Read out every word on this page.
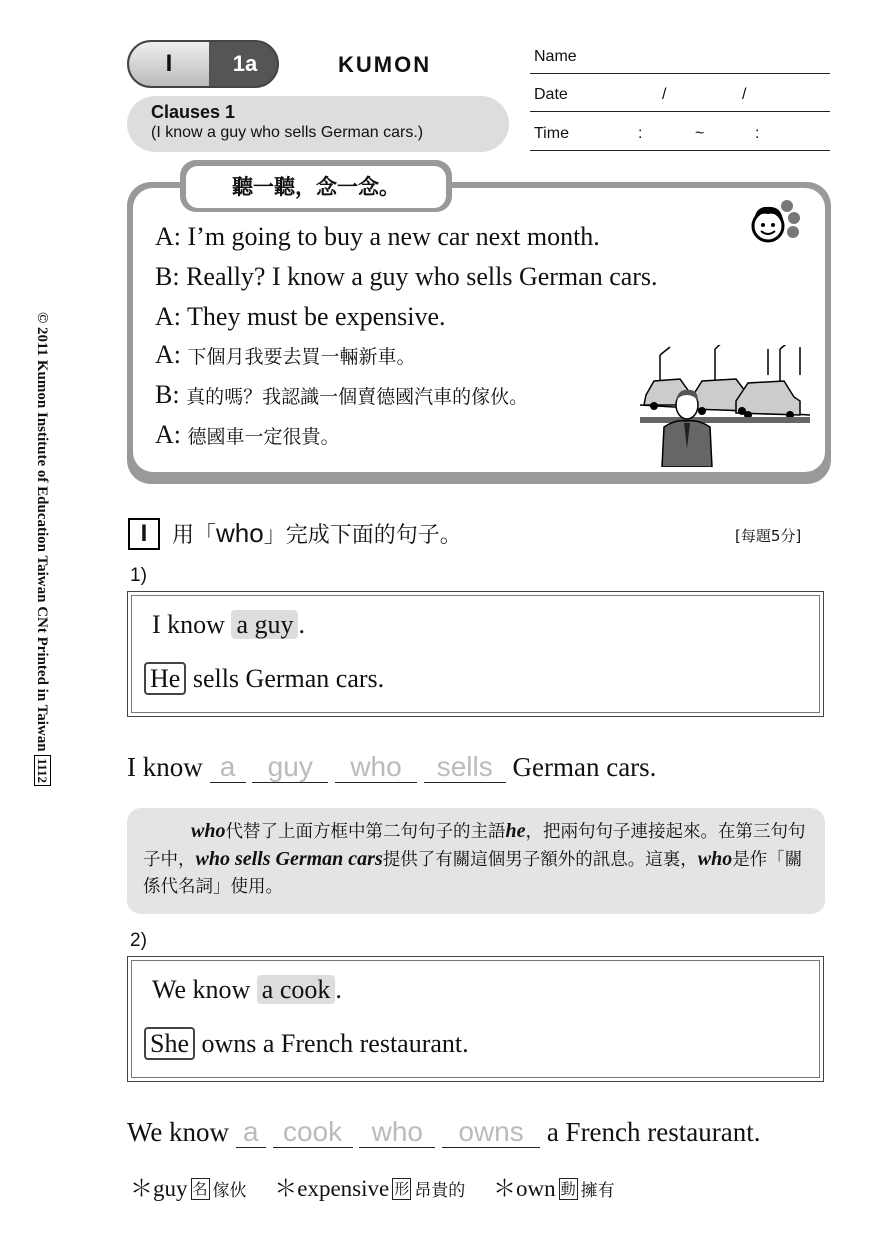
© 2011 Kumon Institute of Education Taiwan CNt Printed in Taiwan 1112
I	1a	KUMON
Clauses 1
(I know a guy who sells German cars.)
Name
Date	/	/
Time	:	~	:
聽一聽，念一念。
A: I’m going to buy a new car next month.
B: Really? I know a guy who sells German cars.
A: They must be expensive.
A: 下個月我要去買一輛新車。
B: 真的嗎？我認識一個賣德國汽車的傢伙。
A: 德國車一定很貴。
I	用「who」完成下面的句子。	[每題5分]
1)
I know a guy .
He sells German cars.
I know a guy who sells German cars.
who代替了上面方框中第二句句子的主語he，把兩句句子連接起來。在第三句句子中，who sells German cars提供了有關這個男子額外的訊息。這裏，who是作「關係代名詞」使用。
2)
We know a cook .
She owns a French restaurant.
We know a cook who owns a French restaurant.
＊guy 名 傢伙 ＊expensive 形 昂貴的 ＊own 動 擁有
